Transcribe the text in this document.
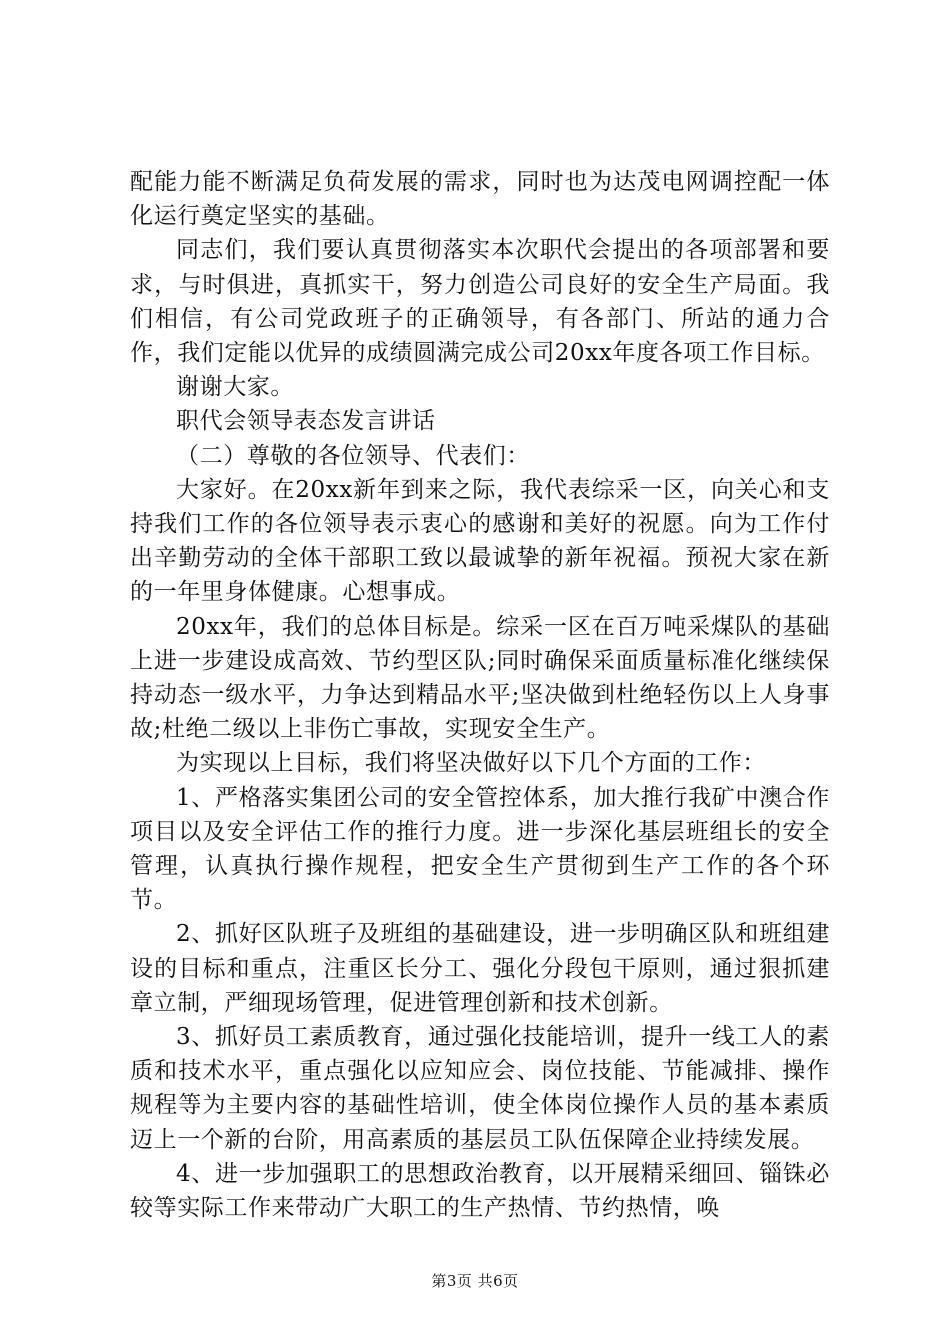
配能力能不断满足负荷发展的需求，同时也为达茂电网调控配一体化运行奠定坚实的基础。

同志们，我们要认真贯彻落实本次职代会提出的各项部署和要求，与时俱进，真抓实干，努力创造公司良好的安全生产局面。我们相信，有公司党政班子的正确领导，有各部门、所站的通力合作，我们定能以优异的成绩圆满完成公司20xx年度各项工作目标。

谢谢大家。

职代会领导表态发言讲话

（二）尊敬的各位领导、代表们：

大家好。在20xx新年到来之际，我代表综采一区，向关心和支持我们工作的各位领导表示衷心的感谢和美好的祝愿。向为工作付出辛勤劳动的全体干部职工致以最诚挚的新年祝福。预祝大家在新的一年里身体健康。心想事成。

20xx年，我们的总体目标是。综采一区在百万吨采煤队的基础上进一步建设成高效、节约型区队;同时确保采面质量标准化继续保持动态一级水平，力争达到精品水平;坚决做到杜绝轻伤以上人身事故;杜绝二级以上非伤亡事故，实现安全生产。

为实现以上目标，我们将坚决做好以下几个方面的工作：

1、严格落实集团公司的安全管控体系，加大推行我矿中澳合作项目以及安全评估工作的推行力度。进一步深化基层班组长的安全管理，认真执行操作规程，把安全生产贯彻到生产工作的各个环节。

2、抓好区队班子及班组的基础建设，进一步明确区队和班组建设的目标和重点，注重区长分工、强化分段包干原则，通过狠抓建章立制，严细现场管理，促进管理创新和技术创新。

3、抓好员工素质教育，通过强化技能培训，提升一线工人的素质和技术水平，重点强化以应知应会、岗位技能、节能减排、操作规程等为主要内容的基础性培训，使全体岗位操作人员的基本素质迈上一个新的台阶，用高素质的基层员工队伍保障企业持续发展。

4、进一步加强职工的思想政治教育，以开展精采细回、锱铢必较等实际工作来带动广大职工的生产热情、节约热情，唤

第3页 共6页
